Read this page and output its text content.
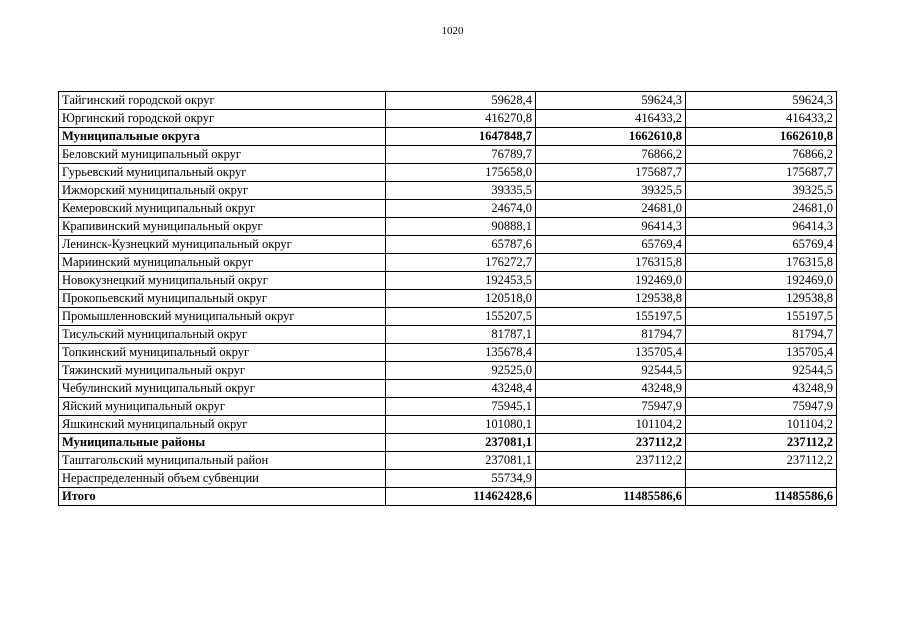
1020
Тайгинский городской округ	59628,4	59624,3	59624,3
Юргинский городской округ	416270,8	416433,2	416433,2
Муниципальные округа	1647848,7	1662610,8	1662610,8
Беловский муниципальный округ	76789,7	76866,2	76866,2
Гурьевский муниципальный округ	175658,0	175687,7	175687,7
Ижморский муниципальный округ	39335,5	39325,5	39325,5
Кемеровский муниципальный округ	24674,0	24681,0	24681,0
Крапивинский муниципальный округ	90888,1	96414,3	96414,3
Ленинск-Кузнецкий муниципальный округ	65787,6	65769,4	65769,4
Мариинский муниципальный округ	176272,7	176315,8	176315,8
Новокузнецкий муниципальный округ	192453,5	192469,0	192469,0
Прокопьевский муниципальный округ	120518,0	129538,8	129538,8
Промышленновский муниципальный округ	155207,5	155197,5	155197,5
Тисульский муниципальный округ	81787,1	81794,7	81794,7
Топкинский муниципальный округ	135678,4	135705,4	135705,4
Тяжинский муниципальный округ	92525,0	92544,5	92544,5
Чебулинский муниципальный округ	43248,4	43248,9	43248,9
Яйский муниципальный округ	75945,1	75947,9	75947,9
Яшкинский муниципальный округ	101080,1	101104,2	101104,2
Муниципальные районы	237081,1	237112,2	237112,2
Таштагольский муниципальный район	237081,1	237112,2	237112,2
Нераспределенный объем субвенции	55734,9		
Итого	11462428,6	11485586,6	11485586,6
